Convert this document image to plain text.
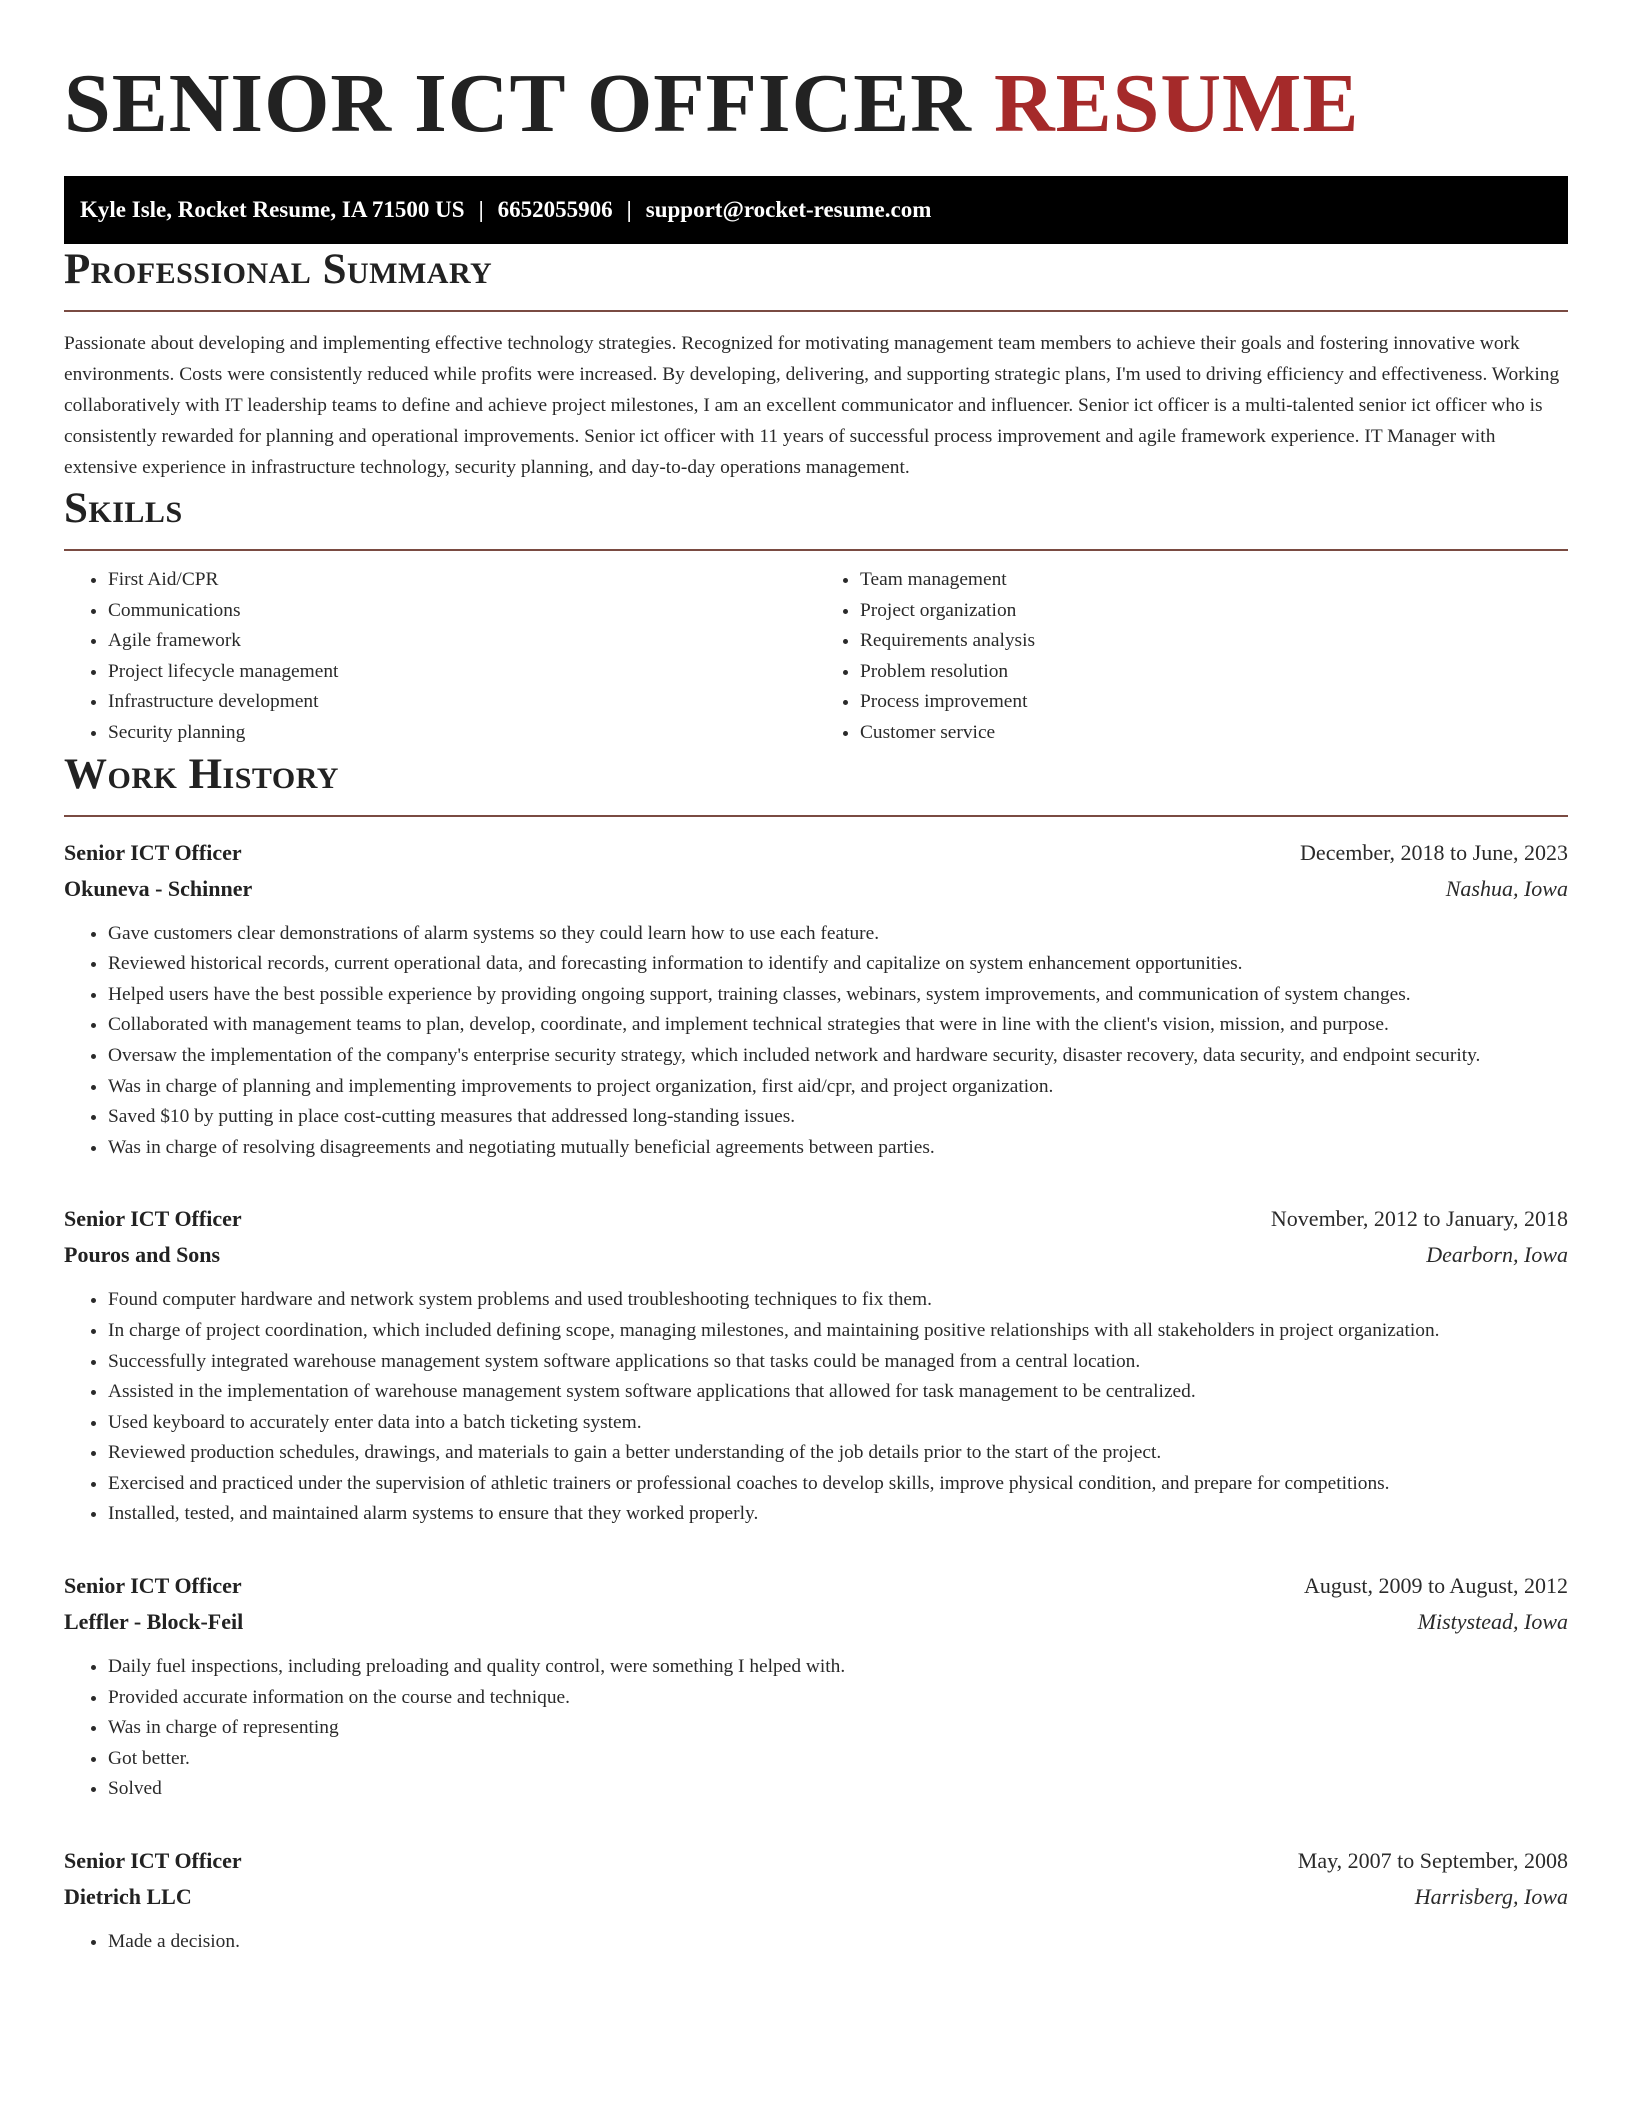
SENIOR ICT OFFICER RESUME
Kyle Isle, Rocket Resume, IA 71500 US | 6652055906 | support@rocket-resume.com
Professional Summary

Passionate about developing and implementing effective technology strategies. Recognized for motivating management team members to achieve their goals and fostering innovative work environments. Costs were consistently reduced while profits were increased. By developing, delivering, and supporting strategic plans, I'm used to driving efficiency and effectiveness. Working collaboratively with IT leadership teams to define and achieve project milestones, I am an excellent communicator and influencer. Senior ict officer is a multi-talented senior ict officer who is consistently rewarded for planning and operational improvements. Senior ict officer with 11 years of successful process improvement and agile framework experience. IT Manager with extensive experience in infrastructure technology, security planning, and day-to-day operations management.

Skills
• First Aid/CPR
• Communications
• Agile framework
• Project lifecycle management
• Infrastructure development
• Security planning
• Team management
• Project organization
• Requirements analysis
• Problem resolution
• Process improvement
• Customer service
Work History
Senior ICT Officer	December, 2018 to June, 2023
Okuneva - Schinner	Nashua, Iowa
• Gave customers clear demonstrations of alarm systems so they could learn how to use each feature.
• Reviewed historical records, current operational data, and forecasting information to identify and capitalize on system enhancement opportunities.
• Helped users have the best possible experience by providing ongoing support, training classes, webinars, system improvements, and communication of system changes.
• Collaborated with management teams to plan, develop, coordinate, and implement technical strategies that were in line with the client's vision, mission, and purpose.
• Oversaw the implementation of the company's enterprise security strategy, which included network and hardware security, disaster recovery, data security, and endpoint security.
• Was in charge of planning and implementing improvements to project organization, first aid/cpr, and project organization.
• Saved $10 by putting in place cost-cutting measures that addressed long-standing issues.
• Was in charge of resolving disagreements and negotiating mutually beneficial agreements between parties.
Senior ICT Officer	November, 2012 to January, 2018
Pouros and Sons	Dearborn, Iowa
• Found computer hardware and network system problems and used troubleshooting techniques to fix them.
• In charge of project coordination, which included defining scope, managing milestones, and maintaining positive relationships with all stakeholders in project organization.
• Successfully integrated warehouse management system software applications so that tasks could be managed from a central location.
• Assisted in the implementation of warehouse management system software applications that allowed for task management to be centralized.
• Used keyboard to accurately enter data into a batch ticketing system.
• Reviewed production schedules, drawings, and materials to gain a better understanding of the job details prior to the start of the project.
• Exercised and practiced under the supervision of athletic trainers or professional coaches to develop skills, improve physical condition, and prepare for competitions.
• Installed, tested, and maintained alarm systems to ensure that they worked properly.
Senior ICT Officer	August, 2009 to August, 2012
Leffler - Block-Feil	Mistystead, Iowa
• Daily fuel inspections, including preloading and quality control, were something I helped with.
• Provided accurate information on the course and technique.
• Was in charge of representing
• Got better.
• Solved
Senior ICT Officer	May, 2007 to September, 2008
Dietrich LLC	Harrisberg, Iowa
• Made a decision.
